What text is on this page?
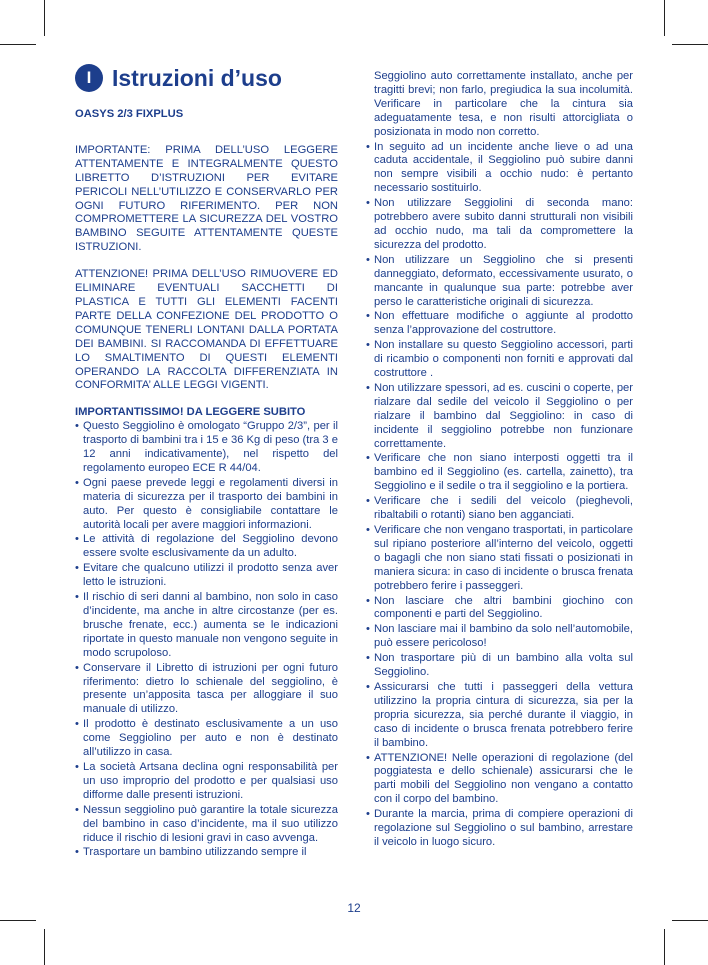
I Istruzioni d’uso
OASYS 2/3 FIXPLUS
IMPORTANTE: PRIMA DELL’USO LEGGERE ATTENTAMENTE E INTEGRALMENTE QUESTO LIBRETTO D’ISTRUZIONI PER EVITARE PERICOLI NELL’UTILIZZO E CONSERVARLO PER OGNI FUTURO RIFERIMENTO. PER NON COMPROMETTERE LA SICUREZZA DEL VOSTRO BAMBINO SEGUITE ATTENTAMENTE QUESTE ISTRUZIONI.
ATTENZIONE! PRIMA DELL’USO RIMUOVERE ED ELIMINARE EVENTUALI SACCHETTI DI PLASTICA E TUTTI GLI ELEMENTI FACENTI PARTE DELLA CONFEZIONE DEL PRODOTTO O COMUNQUE TENERLI LONTANI DALLA PORTATA DEI BAMBINI. SI RACCOMANDA DI EFFETTUARE LO SMALTIMENTO DI QUESTI ELEMENTI OPERANDO LA RACCOLTA DIFFERENZIATA IN CONFORMITA’ ALLE LEGGI VIGENTI.
IMPORTANTISSIMO! DA LEGGERE SUBITO
• Questo Seggiolino è omologato “Gruppo 2/3”, per il trasporto di bambini tra i 15 e 36 Kg di peso (tra 3 e 12 anni indicativamente), nel rispetto del regolamento europeo ECE R 44/04.
• Ogni paese prevede leggi e regolamenti diversi in materia di sicurezza per il trasporto dei bambini in auto. Per questo è consigliabile contattare le autorità locali per avere maggiori informazioni.
• Le attività di regolazione del Seggiolino devono essere svolte esclusivamente da un adulto.
• Evitare che qualcuno utilizzi il prodotto senza aver letto le istruzioni.
• Il rischio di seri danni al bambino, non solo in caso d’incidente, ma anche in altre circostanze (per es. brusche frenate, ecc.) aumenta se le indicazioni riportate in questo manuale non vengono seguite in modo scrupoloso.
• Conservare il Libretto di istruzioni per ogni futuro riferimento: dietro lo schienale del seggiolino, è presente un’apposita tasca per alloggiare il suo manuale di utilizzo.
• Il prodotto è destinato esclusivamente a un uso come Seggiolino per auto e non è destinato all’utilizzo in casa.
• La società Artsana declina ogni responsabilità per un uso improprio del prodotto e per qualsiasi uso difforme dalle presenti istruzioni.
• Nessun seggiolino può garantire la totale sicurezza del bambino in caso d’incidente, ma il suo utilizzo riduce il rischio di lesioni gravi in caso avvenga.
• Trasportare un bambino utilizzando sempre il
Seggiolino auto correttamente installato, anche per tragitti brevi; non farlo, pregiudica la sua incolumità. Verificare in particolare che la cintura sia adeguatamente tesa, e non risulti attorcigliata o posizionata in modo non corretto.
• In seguito ad un incidente anche lieve o ad una caduta accidentale, il Seggiolino può subire danni non sempre visibili a occhio nudo: è pertanto necessario sostituirlo.
• Non utilizzare Seggiolini di seconda mano: potrebbero avere subito danni strutturali non visibili ad occhio nudo, ma tali da compromettere la sicurezza del prodotto.
• Non utilizzare un Seggiolino che si presenti danneggiato, deformato, eccessivamente usurato, o mancante in qualunque sua parte: potrebbe aver perso le caratteristiche originali di sicurezza.
• Non effettuare modifiche o aggiunte al prodotto senza l’approvazione del costruttore.
• Non installare su questo Seggiolino accessori, parti di ricambio o componenti non forniti e approvati dal costruttore .
• Non utilizzare spessori, ad es. cuscini o coperte, per rialzare dal sedile del veicolo il Seggiolino o per rialzare il bambino dal Seggiolino: in caso di incidente il seggiolino potrebbe non funzionare correttamente.
• Verificare che non siano interposti oggetti tra il bambino ed il Seggiolino (es. cartella, zainetto), tra Seggiolino e il sedile o tra il seggiolino e la portiera.
• Verificare che i sedili del veicolo (pieghevoli, ribaltabili o rotanti) siano ben agganciati.
• Verificare che non vengano trasportati, in particolare sul ripiano posteriore all’interno del veicolo, oggetti o bagagli che non siano stati fissati o posizionati in maniera sicura: in caso di incidente o brusca frenata potrebbero ferire i passeggeri.
• Non lasciare che altri bambini giochino con componenti e parti del Seggiolino.
• Non lasciare mai il bambino da solo nell’automobile, può essere pericoloso!
• Non trasportare più di un bambino alla volta sul Seggiolino.
• Assicurarsi che tutti i passeggeri della vettura utilizzino la propria cintura di sicurezza, sia per la propria sicurezza, sia perché durante il viaggio, in caso di incidente o brusca frenata potrebbero ferire il bambino.
• ATTENZIONE! Nelle operazioni di regolazione (del poggiatesta e dello schienale) assicurarsi che le parti mobili del Seggiolino non vengano a contatto con il corpo del bambino.
• Durante la marcia, prima di compiere operazioni di regolazione sul Seggiolino o sul bambino, arrestare il veicolo in luogo sicuro.
12
